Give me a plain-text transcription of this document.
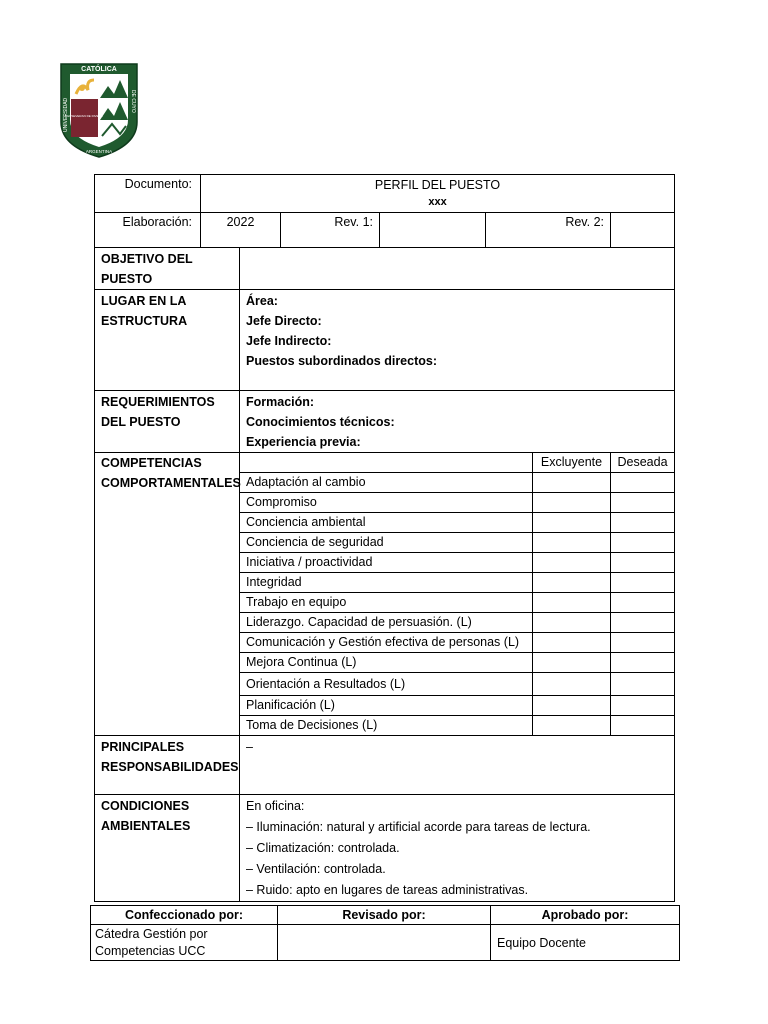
CATÓLICA
ARGENTINA
UNIVERSIDAD	DE CUYO
PERSEVERAN DE DIVERS
Documento:	PERFIL DEL PUESTO
xxx						

Elaboración:	2022		Rev. 1:		Rev. 2:		
OBJETIVO DEL PUESTO							
LUGAR EN LA ESTRUCTURA		Área:
Jefe Directo:
Jefe Indirecto:
Puestos subordinados directos:					

REQUERIMIENTOS DEL PUESTO		Formación:
Conocimientos técnicos:
Experiencia previa:					

COMPETENCIAS COMPORTAMENTALES						Excluyente	Deseada
		Adaptación al cambio					
		Compromiso					
		Conciencia ambiental					
		Conciencia de seguridad					
		Iniciativa / proactividad					
		Integridad					
		Trabajo en equipo					
		Liderazgo. Capacidad de persuasión. (L)					
		Comunicación y Gestión efectiva de personas (L)					
		Mejora Continua (L)					
		Orientación a Resultados (L)					
		Planificación (L)					
		Toma de Decisiones (L)					
PRINCIPALES RESPONSABILIDADES		–					
CONDICIONES AMBIENTALES		En oficina:
– Iluminación: natural y artificial acorde para tareas de lectura.
– Climatización: controlada.
– Ventilación: controlada.
– Ruido: apto en lugares de tareas administrativas.					
Confeccionado por:	Revisado por:	Aprobado por:
Cátedra Gestión por Competencias UCC		Equipo Docente
